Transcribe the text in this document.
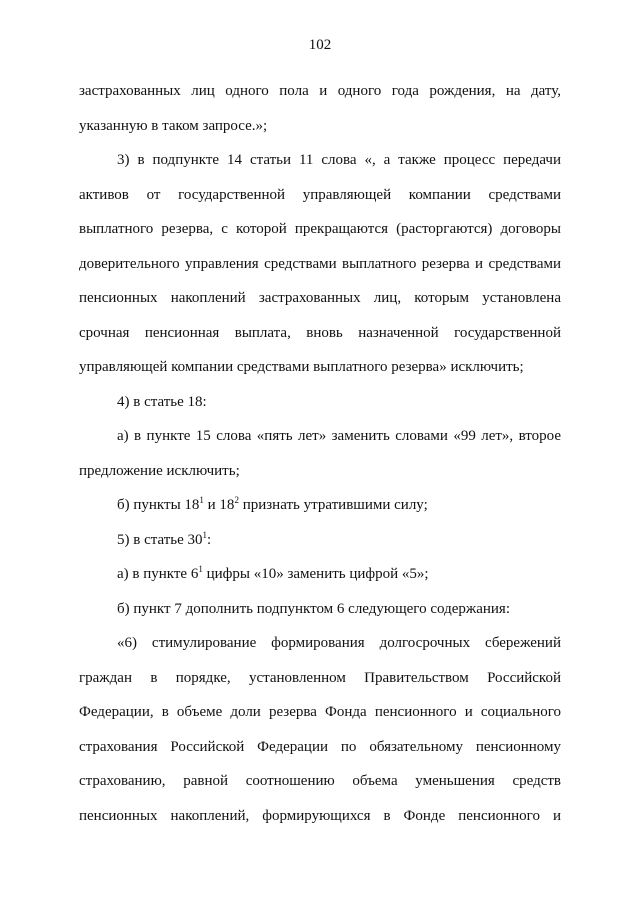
102
застрахованных лиц одного пола и одного года рождения, на дату,
указанную в таком запросе.»;
3) в подпункте 14 статьи 11 слова «, а также процесс передачи
активов от государственной управляющей компании средствами
выплатного резерва, с которой прекращаются (расторгаются) договоры
доверительного управления средствами выплатного резерва и средствами
пенсионных накоплений застрахованных лиц, которым установлена
срочная пенсионная выплата, вновь назначенной государственной
управляющей компании средствами выплатного резерва» исключить;
4) в статье 18:
а) в пункте 15 слова «пять лет» заменить словами «99 лет», второе
предложение исключить;
б) пункты $18^1$ и $18^2$ признать утратившими силу;
5) в статье $30^1$:
а) в пункте $6^1$ цифры «10» заменить цифрой «5»;
б) пункт 7 дополнить подпунктом 6 следующего содержания:
«6) стимулирование формирования долгосрочных сбережений
граждан в порядке, установленном Правительством Российской
Федерации, в объеме доли резерва Фонда пенсионного и социального
страхования Российской Федерации по обязательному пенсионному
страхованию, равной соотношению объема уменьшения средств
пенсионных накоплений, формирующихся в Фонде пенсионного и
